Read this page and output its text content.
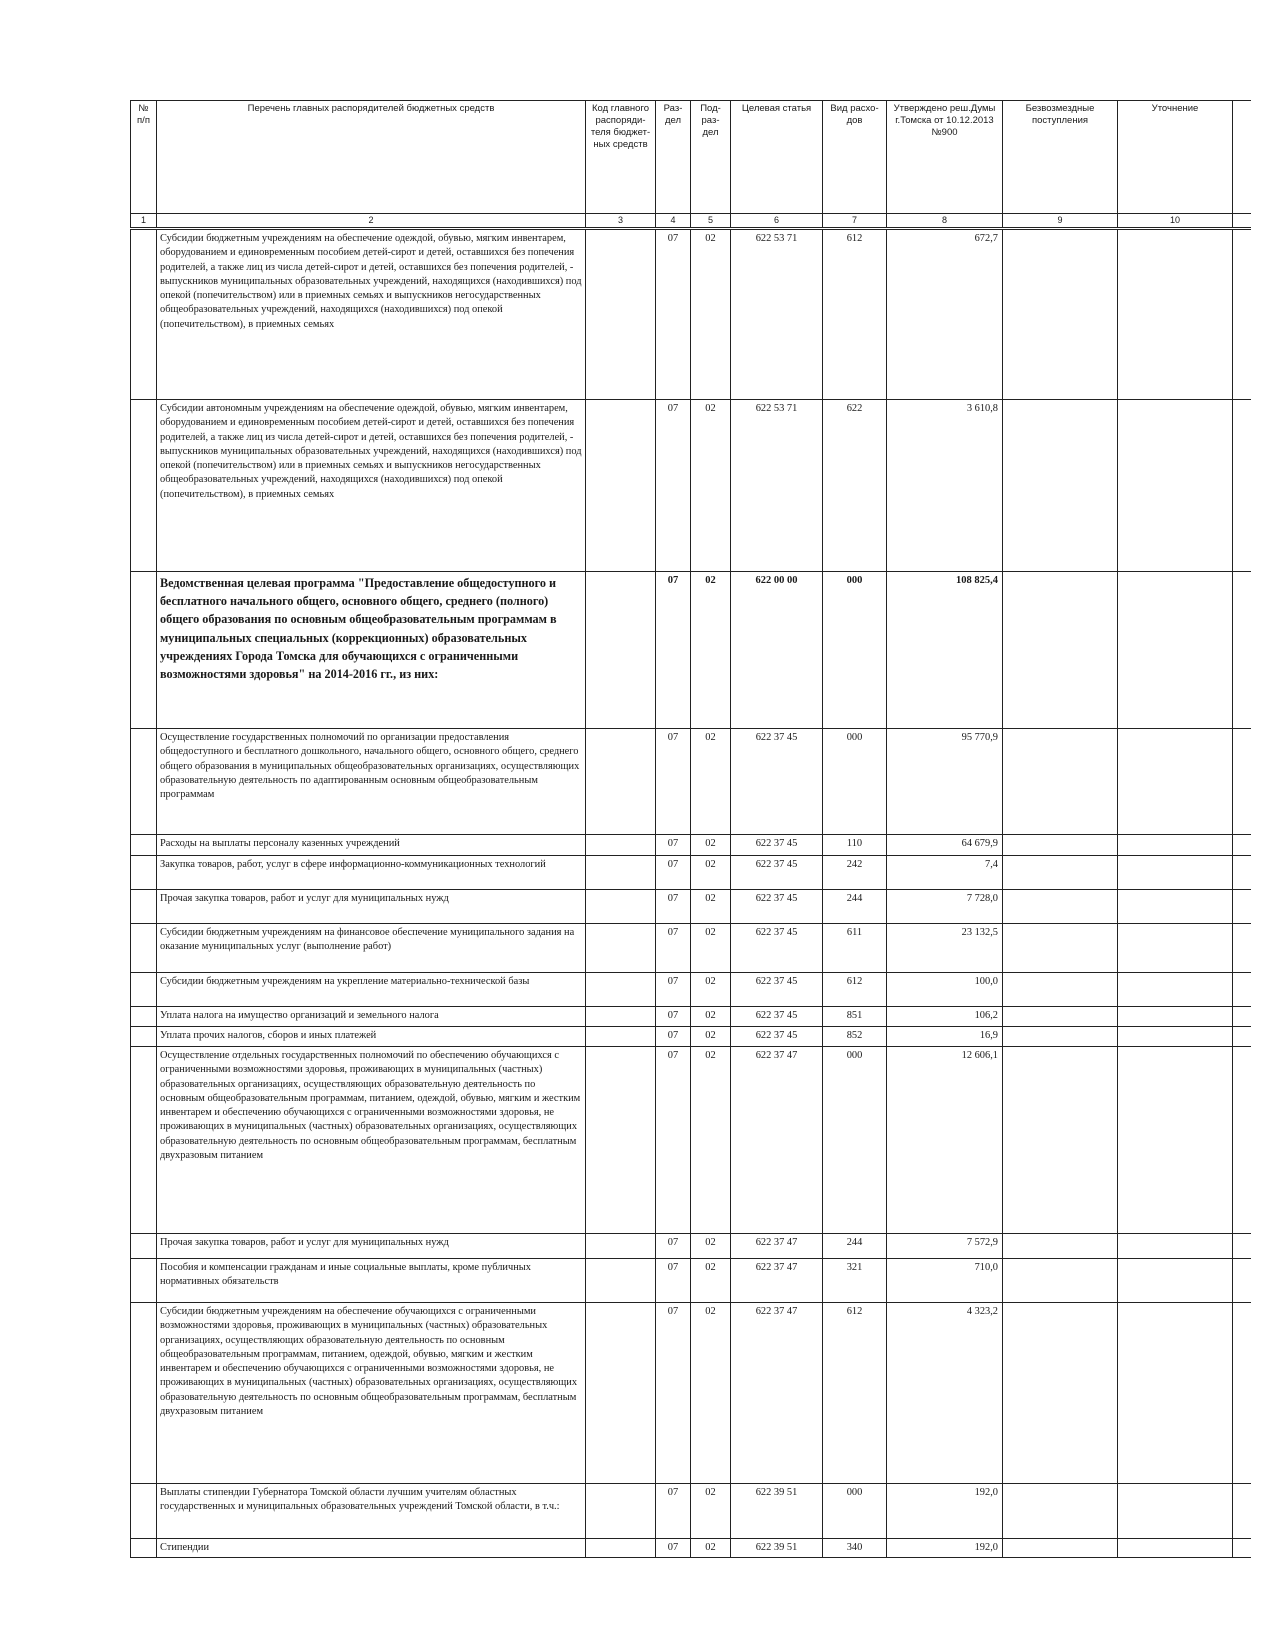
№ п/п	Перечень главных распорядителей бюджетных средств	Код главного распоряди-теля бюджет-ных средств	Раз-дел	Под-раз-дел	Целевая статья	Вид расхо-дов	Утверждено реш.Думы г.Томска от 10.12.2013 №900	Безвозмездные поступления	Уточнение	
1	2	3	4	5	6	7	8	9	10	
	Субсидии бюджетным учреждениям на обеспечение одеждой, обувью, мягким инвентарем, оборудованием и единовременным пособием детей-сирот и детей, оставшихся без попечения родителей, а также лиц из числа детей-сирот и детей, оставшихся без попечения родителей, - выпускников муниципальных образовательных учреждений, находящихся (находившихся) под опекой (попечительством) или в приемных семьях и выпускников негосударственных общеобразовательных учреждений, находящихся (находившихся) под опекой (попечительством), в приемных семьях		07	02	622 53 71	612	672,7			
	Субсидии автономным учреждениям на обеспечение одеждой, обувью, мягким инвентарем, оборудованием и единовременным пособием детей-сирот и детей, оставшихся без попечения родителей, а также лиц из числа детей-сирот и детей, оставшихся без попечения родителей, - выпускников муниципальных образовательных учреждений, находящихся (находившихся) под опекой (попечительством) или в приемных семьях и выпускников негосударственных общеобразовательных учреждений, находящихся (находившихся) под опекой (попечительством), в приемных семьях		07	02	622 53 71	622	3 610,8			
	Ведомственная целевая программа "Предоставление общедоступного и бесплатного начального общего, основного общего, среднего (полного) общего образования по основным общеобразовательным программам в муниципальных специальных (коррекционных) образовательных учреждениях Города Томска для обучающихся с ограниченными возможностями здоровья" на 2014-2016 гг., из них:		07	02	622 00 00	000	108 825,4			
	Осуществление государственных полномочий по организации предоставления общедоступного и бесплатного дошкольного, начального общего, основного общего, среднего общего образования в муниципальных общеобразовательных организациях, осуществляющих образовательную деятельность по адаптированным основным общеобразовательным программам		07	02	622 37 45	000	95 770,9			
	Расходы на выплаты персоналу казенных учреждений		07	02	622 37 45	110	64 679,9			
	Закупка товаров, работ, услуг в сфере информационно-коммуникационных технологий		07	02	622 37 45	242	7,4			
	Прочая закупка товаров, работ и услуг для муниципальных нужд		07	02	622 37 45	244	7 728,0			
	Субсидии бюджетным учреждениям на финансовое обеспечение муниципального задания на оказание муниципальных услуг (выполнение работ)		07	02	622 37 45	611	23 132,5			
	Субсидии бюджетным учреждениям на укрепление материально-технической базы		07	02	622 37 45	612	100,0			
	Уплата налога на имущество организаций и земельного налога		07	02	622 37 45	851	106,2			
	Уплата прочих налогов, сборов и иных платежей		07	02	622 37 45	852	16,9			
	Осуществление отдельных государственных полномочий по обеспечению обучающихся с ограниченными возможностями здоровья, проживающих в муниципальных (частных) образовательных организациях, осуществляющих образовательную деятельность по основным общеобразовательным программам, питанием, одеждой, обувью, мягким и жестким инвентарем и обеспечению обучающихся с ограниченными возможностями здоровья, не проживающих в муниципальных (частных) образовательных организациях, осуществляющих образовательную деятельность по основным общеобразовательным программам, бесплатным двухразовым питанием		07	02	622 37 47	000	12 606,1			
	Прочая закупка товаров, работ и услуг для муниципальных нужд		07	02	622 37 47	244	7 572,9			
	Пособия и компенсации гражданам и иные социальные выплаты, кроме публичных нормативных обязательств		07	02	622 37 47	321	710,0			
	Субсидии бюджетным учреждениям на обеспечение обучающихся с ограниченными возможностями здоровья, проживающих в муниципальных (частных) образовательных организациях, осуществляющих образовательную деятельность по основным общеобразовательным программам, питанием, одеждой, обувью, мягким и жестким инвентарем и обеспечению обучающихся с ограниченными возможностями здоровья, не проживающих в муниципальных (частных) образовательных организациях, осуществляющих образовательную деятельность по основным общеобразовательным программам, бесплатным двухразовым питанием		07	02	622 37 47	612	4 323,2			
	Выплаты стипендии Губернатора Томской области лучшим учителям областных государственных и муниципальных образовательных учреждений Томской области, в т.ч.:		07	02	622 39 51	000	192,0			
	Стипендии		07	02	622 39 51	340	192,0			
